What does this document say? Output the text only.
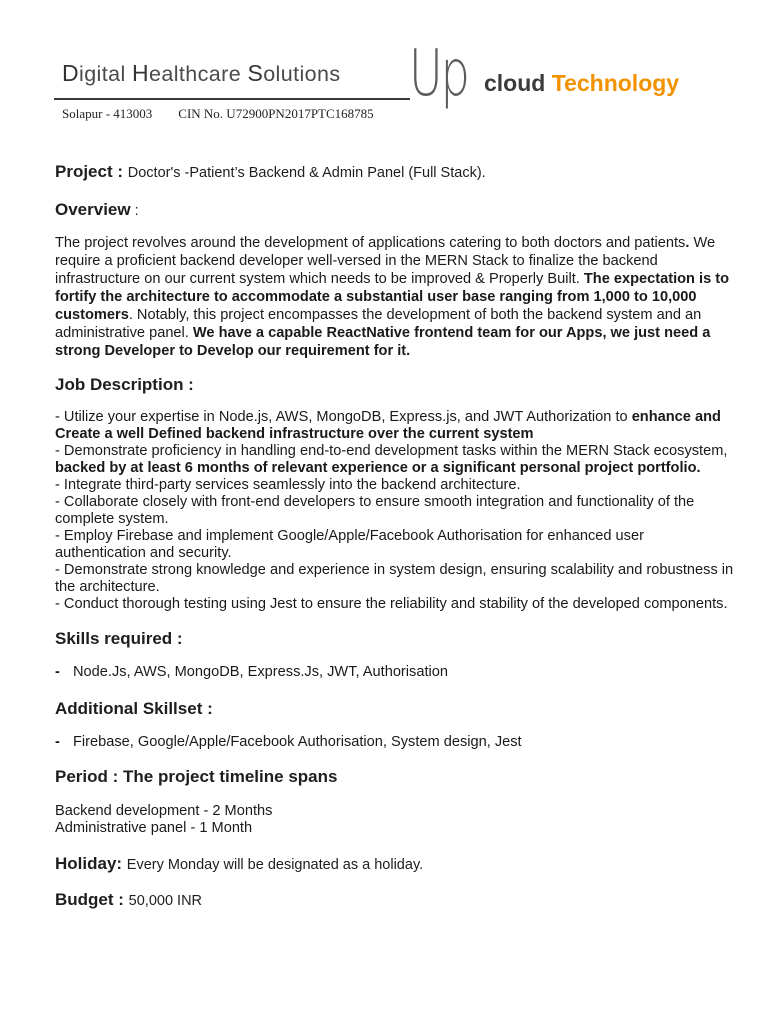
Digital Healthcare Solutions Up cloud Technology
Solapur - 413003 CIN No. U72900PN2017PTC168785
Project : Doctor's -Patient’s Backend & Admin Panel (Full Stack).
Overview :

The project revolves around the development of applications catering to both doctors and patients. We require a proficient backend developer well-versed in the MERN Stack to finalize the backend infrastructure on our current system which needs to be improved & Properly Built. The expectation is to fortify the architecture to accommodate a substantial user base ranging from 1,000 to 10,000 customers. Notably, this project encompasses the development of both the backend system and an administrative panel. We have a capable ReactNative frontend team for our Apps, we just need a strong Developer to Develop our requirement for it.

Job Description :

- Utilize your expertise in Node.js, AWS, MongoDB, Express.js, and JWT Authorization to enhance and Create a well Defined backend infrastructure over the current system
- Demonstrate proficiency in handling end-to-end development tasks within the MERN Stack ecosystem, backed by at least 6 months of relevant experience or a significant personal project portfolio.
- Integrate third-party services seamlessly into the backend architecture.
- Collaborate closely with front-end developers to ensure smooth integration and functionality of the complete system.
- Employ Firebase and implement Google/Apple/Facebook Authorisation for enhanced user authentication and security.
- Demonstrate strong knowledge and experience in system design, ensuring scalability and robustness in the architecture.
- Conduct thorough testing using Jest to ensure the reliability and stability of the developed components.

Skills required :
- Node.Js, AWS, MongoDB, Express.Js, JWT, Authorisation
Additional Skillset :
- Firebase, Google/Apple/Facebook Authorisation, System design, Jest
Period : The project timeline spans

Backend development - 2 Months

Administrative panel - 1 Month

Holiday: Every Monday will be designated as a holiday.
Budget : 50,000 INR
